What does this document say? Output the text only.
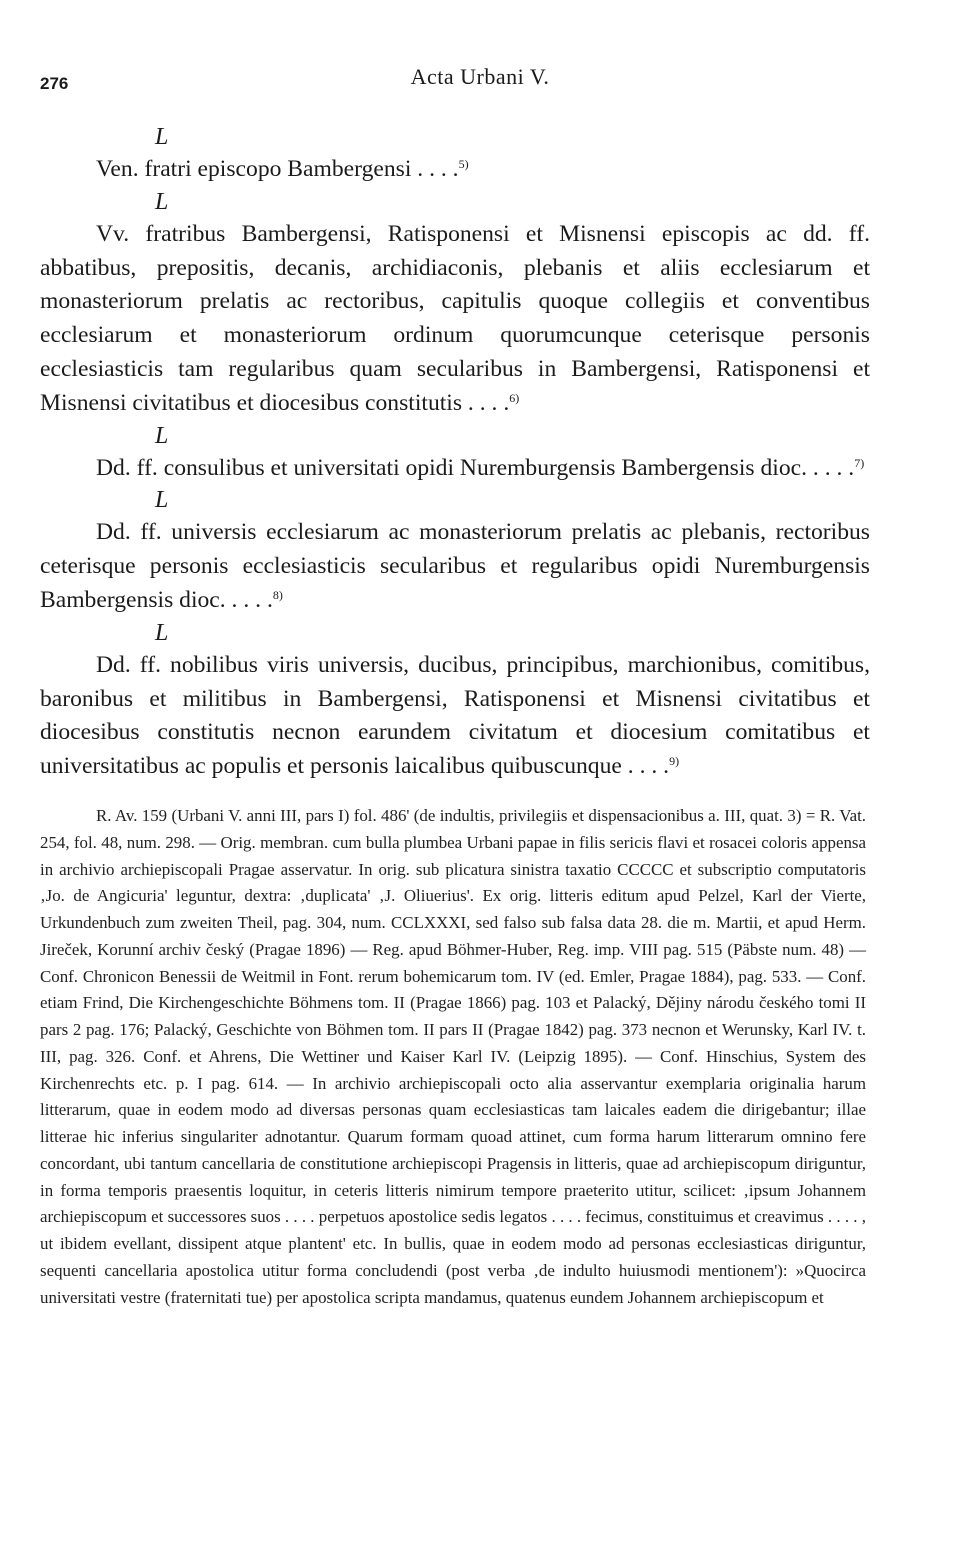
276	Acta Urbani V.
L

Ven. fratri episcopo Bambergensi . . . .$^{5)}$

L

Vv. fratribus Bambergensi, Ratisponensi et Misnensi episcopis ac dd. ff. abbatibus, prepositis, decanis, archidiaconis, plebanis et aliis ecclesiarum et monasteriorum prelatis ac rectoribus, capitulis quoque collegiis et conventibus ecclesiarum et monasteriorum ordinum quorumcunque ceterisque personis ecclesiasticis tam regularibus quam secularibus in Bambergensi, Ratisponensi et Misnensi civitatibus et diocesibus constitutis . . . .$^{6)}$

L

Dd. ff. consulibus et universitati opidi Nuremburgensis Bambergensis dioc. . . . .$^{7)}$

L

Dd. ff. universis ecclesiarum ac monasteriorum prelatis ac plebanis, rectoribus ceterisque personis ecclesiasticis secularibus et regularibus opidi Nuremburgensis Bambergensis dioc. . . . .$^{8)}$

L

Dd. ff. nobilibus viris universis, ducibus, principibus, marchionibus, comitibus, baronibus et militibus in Bambergensi, Ratisponensi et Misnensi civitatibus et diocesibus constitutis necnon earundem civitatum et diocesium comitatibus et universitatibus ac populis et personis laicalibus quibuscunque . . . .$^{9)}$

R. Av. 159 (Urbani V. anni III, pars I) fol. 486' (de indultis, privilegiis et dispensacionibus a. III, quat. 3) = R. Vat. 254, fol. 48, num. 298. — Orig. membran. cum bulla plumbea Urbani papae in filis sericis flavi et rosacei coloris appensa in archivio archiepiscopali Pragae asservatur. In orig. sub plicatura sinistra taxatio CCCCC et subscriptio computatoris ‚Jo. de Angicuria' leguntur, dextra: ‚duplicata' ‚J. Oliuerius'. Ex orig. litteris editum apud Pelzel, Karl der Vierte, Urkundenbuch zum zweiten Theil, pag. 304, num. CCLXXXI, sed falso sub falsa data 28. die m. Martii, et apud Herm. Jireček, Korunní archiv český (Pragae 1896) — Reg. apud Böhmer-Huber, Reg. imp. VIII pag. 515 (Päbste num. 48) — Conf. Chronicon Benessii de Weitmil in Font. rerum bohemicarum tom. IV (ed. Emler, Pragae 1884), pag. 533. — Conf. etiam Frind, Die Kirchengeschichte Böhmens tom. II (Pragae 1866) pag. 103 et Palacký, Dějiny národu českého tomi II pars 2 pag. 176; Palacký, Geschichte von Böhmen tom. II pars II (Pragae 1842) pag. 373 necnon et Werunsky, Karl IV. t. III, pag. 326. Conf. et Ahrens, Die Wettiner und Kaiser Karl IV. (Leipzig 1895). — Conf. Hinschius, System des Kirchenrechts etc. p. I pag. 614. — In archivio archiepiscopali octo alia asservantur exemplaria originalia harum litterarum, quae in eodem modo ad diversas personas quam ecclesiasticas tam laicales eadem die dirigebantur; illae litterae hic inferius singulariter adnotantur. Quarum formam quoad attinet, cum forma harum litterarum omnino fere concordant, ubi tantum cancellaria de constitutione archiepiscopi Pragensis in litteris, quae ad archiepiscopum diriguntur, in forma temporis praesentis loquitur, in ceteris litteris nimirum tempore praeterito utitur, scilicet: ‚ipsum Johannem archiepiscopum et successores suos . . . . perpetuos apostolice sedis legatos . . . . fecimus, constituimus et creavimus . . . . , ut ibidem evellant, dissipent atque plantent' etc. In bullis, quae in eodem modo ad personas ecclesiasticas diriguntur, sequenti cancellaria apostolica utitur forma concludendi (post verba ‚de indulto huiusmodi mentionem'): »Quocirca universitati vestre (fraternitati tue) per apostolica scripta mandamus, quatenus eundem Johannem archiepiscopum et
